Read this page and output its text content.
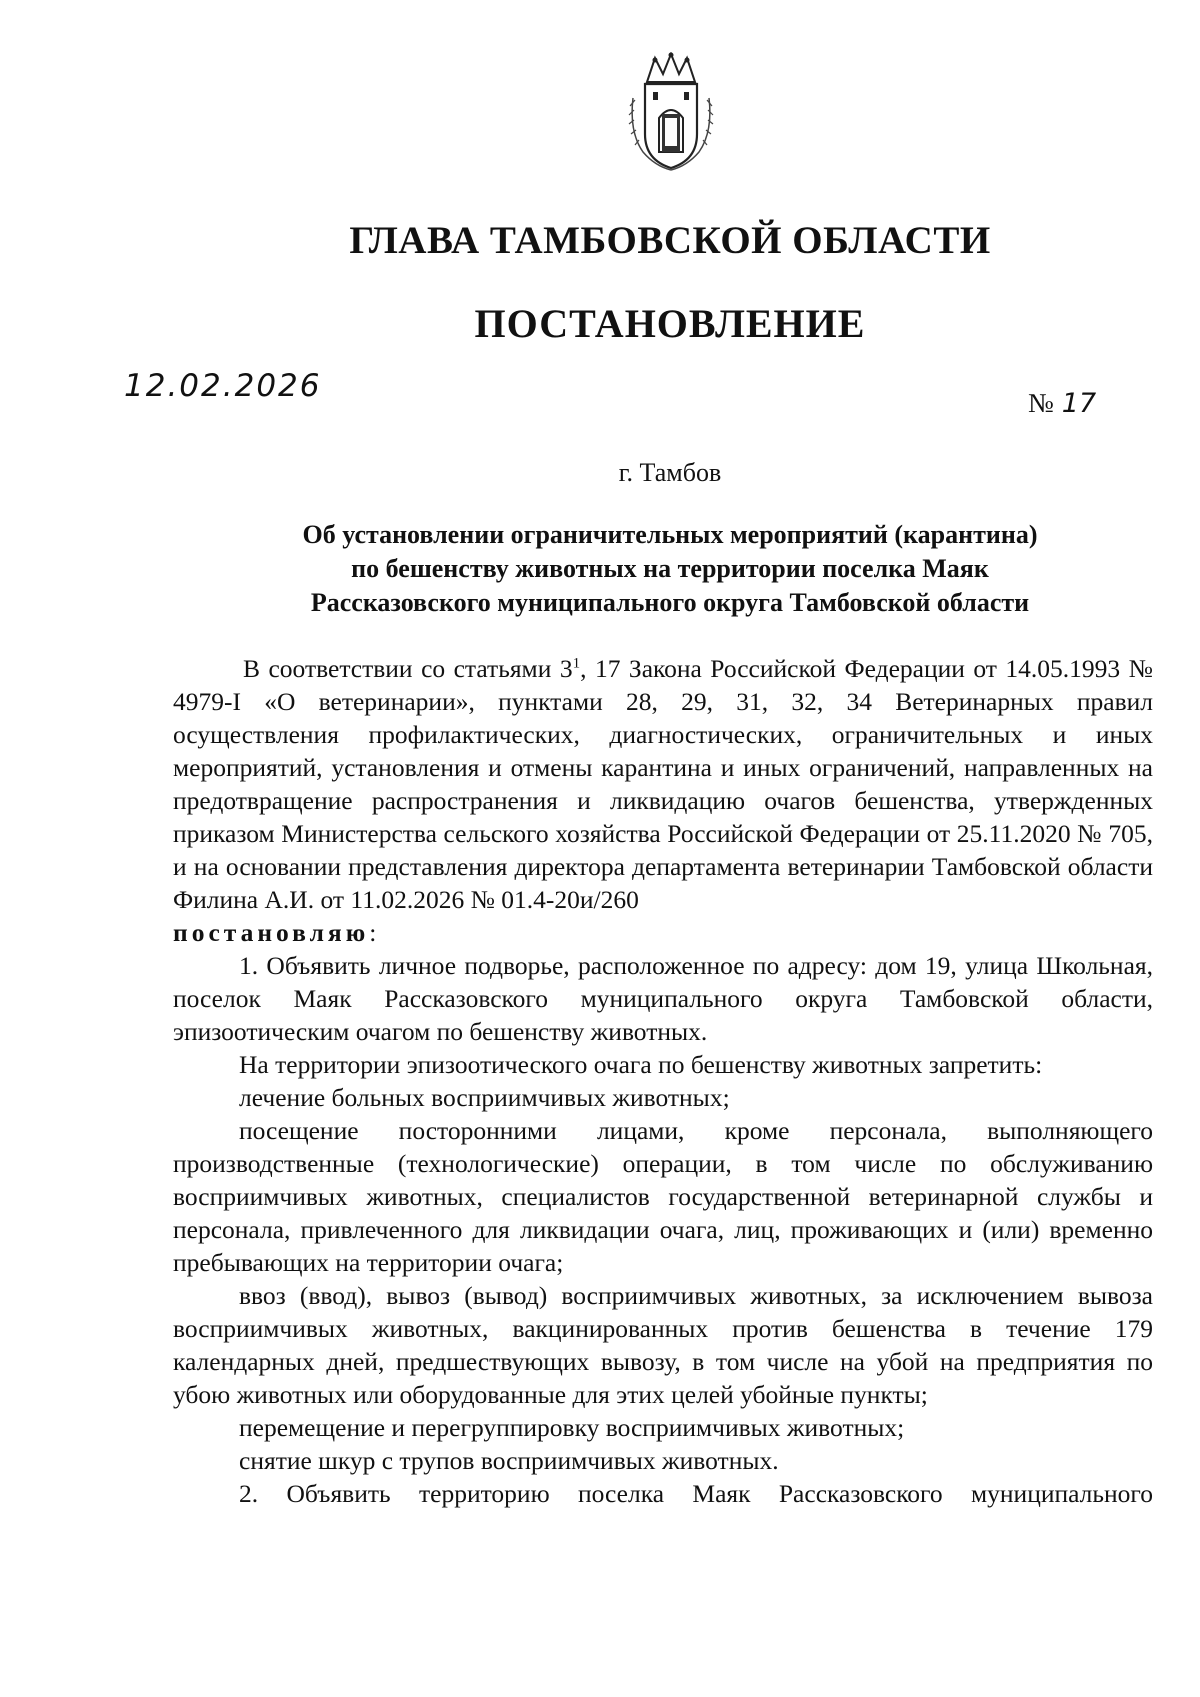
ГЛАВА ТАМБОВСКОЙ ОБЛАСТИ
ПОСТАНОВЛЕНИЕ
12.02.2026	№ 17
г. Тамбов
Об установлении ограничительных мероприятий (карантина)
по бешенству животных на территории поселка Маяк
Рассказовского муниципального округа Тамбовской области

В соответствии со статьями $3^1$, 17 Закона Российской Федерации от 14.05.1993 № 4979-I «О ветеринарии», пунктами 28, 29, 31, 32, 34 Ветеринарных правил осуществления профилактических, диагностических, ограничительных и иных мероприятий, установления и отмены карантина и иных ограничений, направленных на предотвращение распространения и ликвидацию очагов бешенства, утвержденных приказом Министерства сельского хозяйства Российской Федерации от 25.11.2020 № 705, и на основании представления директора департамента ветеринарии Тамбовской области Филина А.И. от 11.02.2026 № 01.4-20и/260

постановляю:

1. Объявить личное подворье, расположенное по адресу: дом 19, улица Школьная, поселок Маяк Рассказовского муниципального округа Тамбовской области, эпизоотическим очагом по бешенству животных.

На территории эпизоотического очага по бешенству животных запретить:

лечение больных восприимчивых животных;

посещение посторонними лицами, кроме персонала, выполняющего производственные (технологические) операции, в том числе по обслуживанию восприимчивых животных, специалистов государственной ветеринарной службы и персонала, привлеченного для ликвидации очага, лиц, проживающих и (или) временно пребывающих на территории очага;

ввоз (ввод), вывоз (вывод) восприимчивых животных, за исключением вывоза восприимчивых животных, вакцинированных против бешенства в течение 179 календарных дней, предшествующих вывозу, в том числе на убой на предприятия по убою животных или оборудованные для этих целей убойные пункты;

перемещение и перегруппировку восприимчивых животных;

снятие шкур с трупов восприимчивых животных.

2. Объявить территорию поселка Маяк Рассказовского муниципального
